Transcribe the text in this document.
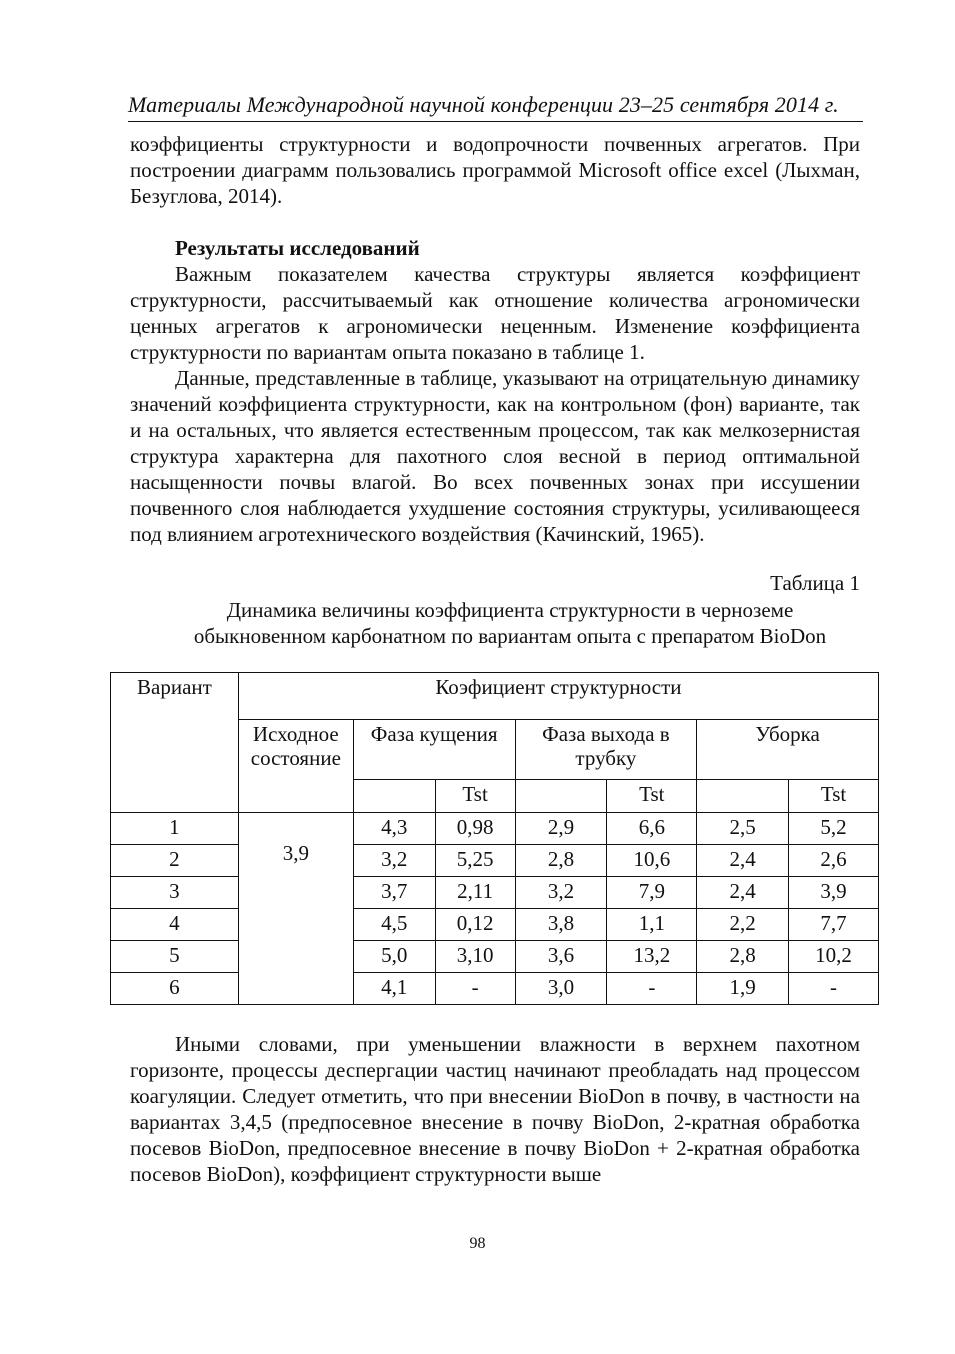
Материалы Международной научной конференции 23–25 сентября 2014 г.

коэффициенты структурности и водопрочности почвенных агрегатов. При построении диаграмм пользовались программой Microsoft office excel (Лыхман, Безуглова, 2014).

Результаты исследований

Важным показателем качества структуры является коэффициент структурности, рассчитываемый как отношение количества агрономически ценных агрегатов к агрономически неценным. Изменение коэффициента структурности по вариантам опыта показано в таблице 1.

Данные, представленные в таблице, указывают на отрицательную динамику значений коэффициента структурности, как на контрольном (фон) варианте, так и на остальных, что является естественным процессом, так как мелкозернистая структура характерна для пахотного слоя весной в период оптимальной насыщенности почвы влагой. Во всех почвенных зонах при иссушении почвенного слоя наблюдается ухудшение состояния структуры, усиливающееся под влиянием агротехнического воздействия (Качинский, 1965).

Таблица 1
Динамика величины коэффициента структурности в черноземе обыкновенном карбонатном по вариантам опыта с препаратом BioDon
Вариант	Коэфициент структурности						
	Исходное состояние	Фаза кущения		Фаза выхода в трубку		Уборка	
			Tst		Tst		Tst
1	3,9	4,3	0,98	2,9	6,6	2,5	5,2
2		3,2	5,25	2,8	10,6	2,4	2,6
3		3,7	2,11	3,2	7,9	2,4	3,9
4		4,5	0,12	3,8	1,1	2,2	7,7
5		5,0	3,10	3,6	13,2	2,8	10,2
6		4,1	-	3,0	-	1,9	-

Иными словами, при уменьшении влажности в верхнем пахотном горизонте, процессы деспергации частиц начинают преобладать над процессом коагуляции. Следует отметить, что при внесении BioDon в почву, в частности на вариантах 3,4,5 (предпосевное внесение в почву BioDon, 2-кратная обработка посевов BioDon, предпосевное внесение в почву BioDon + 2-кратная обработка посевов BioDon), коэффициент структурности выше

98
